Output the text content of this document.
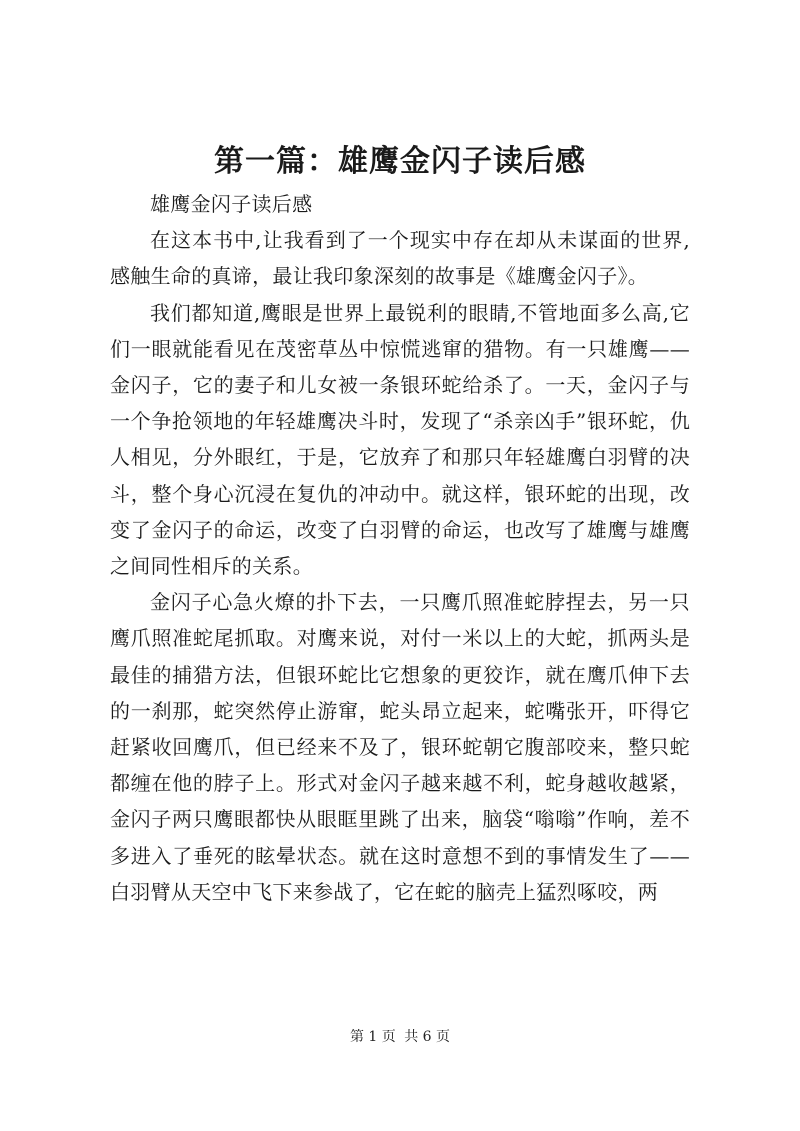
第一篇：雄鹰金闪子读后感

雄鹰金闪子读后感

在这本书中,让我看到了一个现实中存在却从未谋面的世界,感触生命的真谛，最让我印象深刻的故事是《雄鹰金闪子》。

我们都知道,鹰眼是世界上最锐利的眼睛,不管地面多么高,它们一眼就能看见在茂密草丛中惊慌逃窜的猎物。有一只雄鹰——金闪子，它的妻子和儿女被一条银环蛇给杀了。一天，金闪子与一个争抢领地的年轻雄鹰决斗时，发现了“杀亲凶手”银环蛇，仇人相见，分外眼红，于是，它放弃了和那只年轻雄鹰白羽臂的决斗，整个身心沉浸在复仇的冲动中。就这样，银环蛇的出现，改变了金闪子的命运，改变了白羽臂的命运，也改写了雄鹰与雄鹰之间同性相斥的关系。

金闪子心急火燎的扑下去，一只鹰爪照准蛇脖捏去，另一只鹰爪照准蛇尾抓取。对鹰来说，对付一米以上的大蛇，抓两头是最佳的捕猎方法，但银环蛇比它想象的更狡诈，就在鹰爪伸下去的一刹那，蛇突然停止游窜，蛇头昂立起来，蛇嘴张开，吓得它赶紧收回鹰爪，但已经来不及了，银环蛇朝它腹部咬来，整只蛇都缠在他的脖子上。形式对金闪子越来越不利，蛇身越收越紧，金闪子两只鹰眼都快从眼眶里跳了出来，脑袋“嗡嗡”作响，差不多进入了垂死的眩晕状态。就在这时意想不到的事情发生了——白羽臂从天空中飞下来参战了，它在蛇的脑壳上猛烈啄咬，两

第 1 页 共 6 页
